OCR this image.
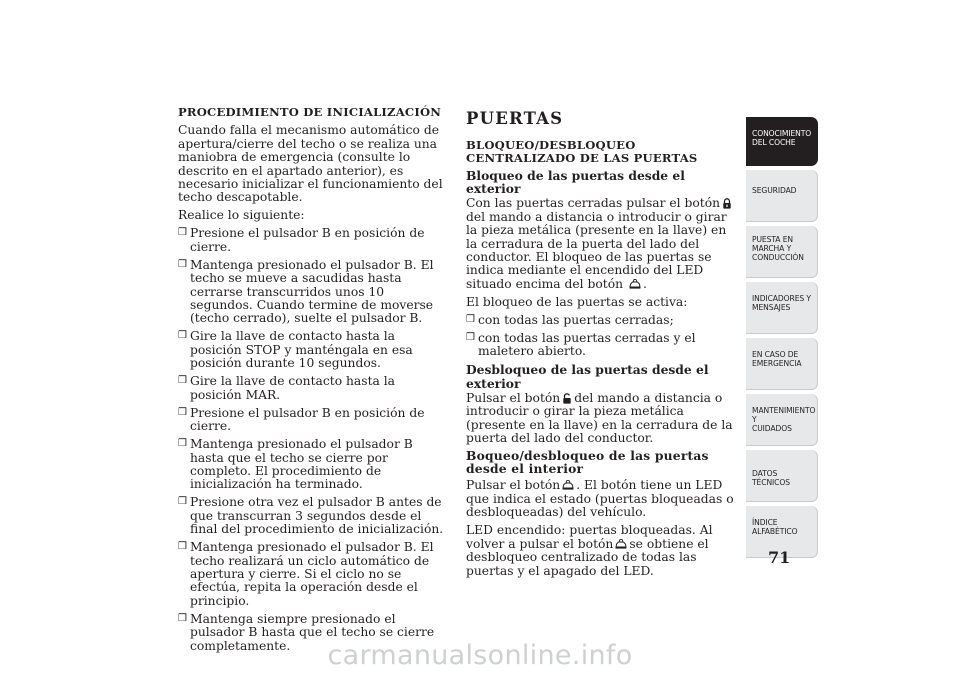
PROCEDIMIENTO DE INICIALIZACIÓN

Cuando falla el mecanismo automático de apertura/cierre del techo o se realiza una maniobra de emergencia (consulte lo descrito en el apartado anterior), es necesario inicializar el funcionamiento del techo descapotable.

Realice lo siguiente:

❒ Presione el pulsador B en posición de cierre.
❒ Mantenga presionado el pulsador B. El techo se mueve a sacudidas hasta cerrarse transcurridos unos 10 segundos. Cuando termine de moverse (techo cerrado), suelte el pulsador B.
❒ Gire la llave de contacto hasta la posición STOP y manténgala en esa posición durante 10 segundos.
❒ Gire la llave de contacto hasta la posición MAR.
❒ Presione el pulsador B en posición de cierre.
❒ Mantenga presionado el pulsador B hasta que el techo se cierre por completo. El procedimiento de inicialización ha terminado.
❒ Presione otra vez el pulsador B antes de que transcurran 3 segundos desde el final del procedimiento de inicialización.
❒ Mantenga presionado el pulsador B. El techo realizará un ciclo automático de apertura y cierre. Si el ciclo no se efectúa, repita la operación desde el principio.
❒ Mantenga siempre presionado el pulsador B hasta que el techo se cierre completamente.
PUERTAS
BLOQUEO/DESBLOQUEO CENTRALIZADO DE LAS PUERTAS
Bloqueo de las puertas desde el exterior

Con las puertas cerradas pulsar el botóndel mando a distancia o introducir o girar la pieza metálica (presente en la llave) en la cerradura de la puerta del lado del conductor. El bloqueo de las puertas se indica mediante el encendido del LED situado encima del botón .

El bloqueo de las puertas se activa:

❒ con todas las puertas cerradas;
❒ con todas las puertas cerradas y el maletero abierto.
Desbloqueo de las puertas desde el exterior

Pulsar el botón del mando a distancia o introducir o girar la pieza metálica (presente en la llave) en la cerradura de la puerta del lado del conductor.

Boqueo/desbloqueo de las puertas desde el interior

Pulsar el botón . El botón tiene un LED que indica el estado (puertas bloqueadas o desbloqueadas) del vehículo.

LED encendido: puertas bloqueadas. Al volver a pulsar el botón se obtiene el desbloqueo centralizado de todas las puertas y el apagado del LED.

CONOCIMIENTO
DEL COCHE
SEGURIDAD
PUESTA EN
MARCHA Y
CONDUCCIÓN
INDICADORES Y
MENSAJES
EN CASO DE
EMERGENCIA
MANTENIMIENTO Y
CUIDADOS
DATOS TÉCNICOS
ÍNDICE
ALFABÉTICO
71
carmanualsonline.info
